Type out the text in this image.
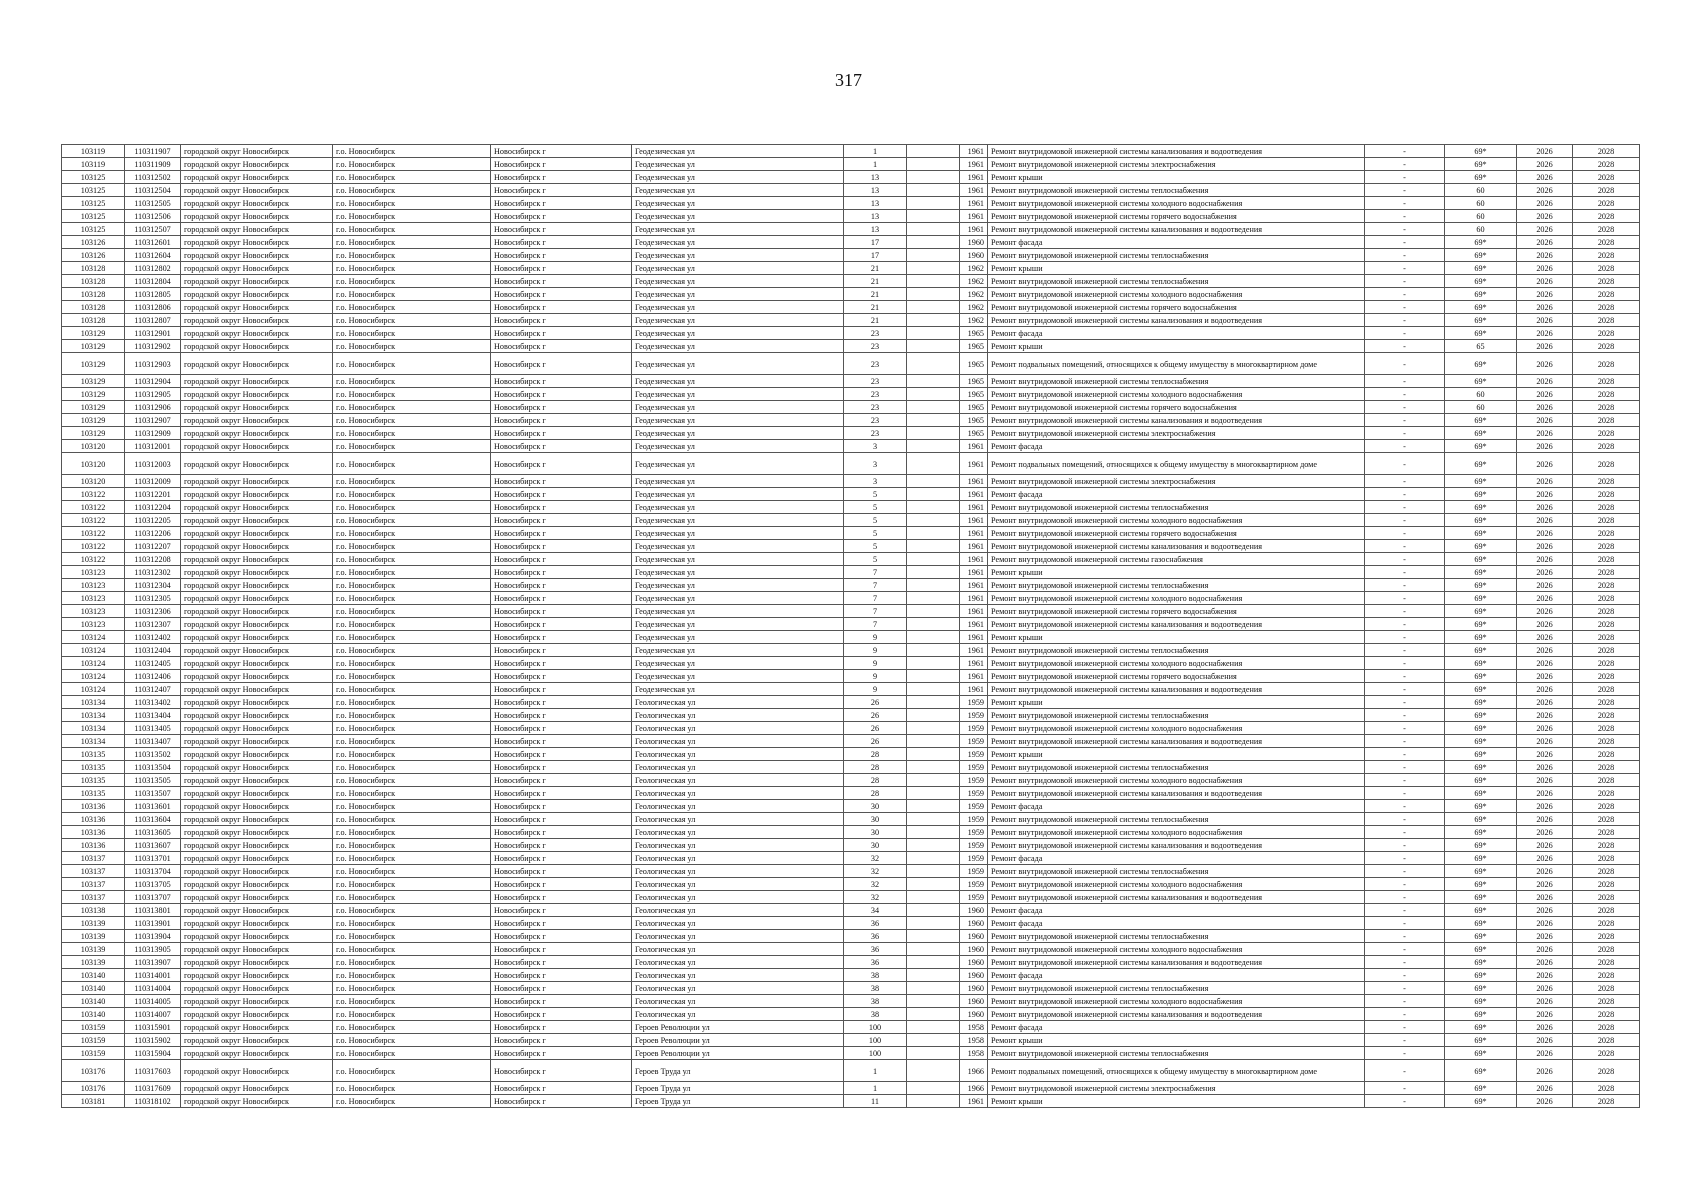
317
103119	110311907	городской округ Новосибирск	г.о. Новосибирск	Новосибирск г	Геодезическая ул	1		1961	Ремонт внутридомовой инженерной системы канализования и водоотведения	-	69*	2026	2028
103119	110311909	городской округ Новосибирск	г.о. Новосибирск	Новосибирск г	Геодезическая ул	1		1961	Ремонт внутридомовой инженерной системы электроснабжения	-	69*	2026	2028
103125	110312502	городской округ Новосибирск	г.о. Новосибирск	Новосибирск г	Геодезическая ул	13		1961	Ремонт крыши	-	69*	2026	2028
103125	110312504	городской округ Новосибирск	г.о. Новосибирск	Новосибирск г	Геодезическая ул	13		1961	Ремонт внутридомовой инженерной системы теплоснабжения	-	60	2026	2028
103125	110312505	городской округ Новосибирск	г.о. Новосибирск	Новосибирск г	Геодезическая ул	13		1961	Ремонт внутридомовой инженерной системы холодного водоснабжения	-	60	2026	2028
103125	110312506	городской округ Новосибирск	г.о. Новосибирск	Новосибирск г	Геодезическая ул	13		1961	Ремонт внутридомовой инженерной системы горячего водоснабжения	-	60	2026	2028
103125	110312507	городской округ Новосибирск	г.о. Новосибирск	Новосибирск г	Геодезическая ул	13		1961	Ремонт внутридомовой инженерной системы канализования и водоотведения	-	60	2026	2028
103126	110312601	городской округ Новосибирск	г.о. Новосибирск	Новосибирск г	Геодезическая ул	17		1960	Ремонт фасада	-	69*	2026	2028
103126	110312604	городской округ Новосибирск	г.о. Новосибирск	Новосибирск г	Геодезическая ул	17		1960	Ремонт внутридомовой инженерной системы теплоснабжения	-	69*	2026	2028
103128	110312802	городской округ Новосибирск	г.о. Новосибирск	Новосибирск г	Геодезическая ул	21		1962	Ремонт крыши	-	69*	2026	2028
103128	110312804	городской округ Новосибирск	г.о. Новосибирск	Новосибирск г	Геодезическая ул	21		1962	Ремонт внутридомовой инженерной системы теплоснабжения	-	69*	2026	2028
103128	110312805	городской округ Новосибирск	г.о. Новосибирск	Новосибирск г	Геодезическая ул	21		1962	Ремонт внутридомовой инженерной системы холодного водоснабжения	-	69*	2026	2028
103128	110312806	городской округ Новосибирск	г.о. Новосибирск	Новосибирск г	Геодезическая ул	21		1962	Ремонт внутридомовой инженерной системы горячего водоснабжения	-	69*	2026	2028
103128	110312807	городской округ Новосибирск	г.о. Новосибирск	Новосибирск г	Геодезическая ул	21		1962	Ремонт внутридомовой инженерной системы канализования и водоотведения	-	69*	2026	2028
103129	110312901	городской округ Новосибирск	г.о. Новосибирск	Новосибирск г	Геодезическая ул	23		1965	Ремонт фасада	-	69*	2026	2028
103129	110312902	городской округ Новосибирск	г.о. Новосибирск	Новосибирск г	Геодезическая ул	23		1965	Ремонт крыши	-	65	2026	2028
103129	110312903	городской округ Новосибирск	г.о. Новосибирск	Новосибирск г	Геодезическая ул	23		1965	Ремонт подвальных помещений, относящихся к общему имуществу в многоквартирном доме	-	69*	2026	2028
103129	110312904	городской округ Новосибирск	г.о. Новосибирск	Новосибирск г	Геодезическая ул	23		1965	Ремонт внутридомовой инженерной системы теплоснабжения	-	69*	2026	2028
103129	110312905	городской округ Новосибирск	г.о. Новосибирск	Новосибирск г	Геодезическая ул	23		1965	Ремонт внутридомовой инженерной системы холодного водоснабжения	-	60	2026	2028
103129	110312906	городской округ Новосибирск	г.о. Новосибирск	Новосибирск г	Геодезическая ул	23		1965	Ремонт внутридомовой инженерной системы горячего водоснабжения	-	60	2026	2028
103129	110312907	городской округ Новосибирск	г.о. Новосибирск	Новосибирск г	Геодезическая ул	23		1965	Ремонт внутридомовой инженерной системы канализования и водоотведения	-	69*	2026	2028
103129	110312909	городской округ Новосибирск	г.о. Новосибирск	Новосибирск г	Геодезическая ул	23		1965	Ремонт внутридомовой инженерной системы электроснабжения	-	69*	2026	2028
103120	110312001	городской округ Новосибирск	г.о. Новосибирск	Новосибирск г	Геодезическая ул	3		1961	Ремонт фасада	-	69*	2026	2028
103120	110312003	городской округ Новосибирск	г.о. Новосибирск	Новосибирск г	Геодезическая ул	3		1961	Ремонт подвальных помещений, относящихся к общему имуществу в многоквартирном доме	-	69*	2026	2028
103120	110312009	городской округ Новосибирск	г.о. Новосибирск	Новосибирск г	Геодезическая ул	3		1961	Ремонт внутридомовой инженерной системы электроснабжения	-	69*	2026	2028
103122	110312201	городской округ Новосибирск	г.о. Новосибирск	Новосибирск г	Геодезическая ул	5		1961	Ремонт фасада	-	69*	2026	2028
103122	110312204	городской округ Новосибирск	г.о. Новосибирск	Новосибирск г	Геодезическая ул	5		1961	Ремонт внутридомовой инженерной системы теплоснабжения	-	69*	2026	2028
103122	110312205	городской округ Новосибирск	г.о. Новосибирск	Новосибирск г	Геодезическая ул	5		1961	Ремонт внутридомовой инженерной системы холодного водоснабжения	-	69*	2026	2028
103122	110312206	городской округ Новосибирск	г.о. Новосибирск	Новосибирск г	Геодезическая ул	5		1961	Ремонт внутридомовой инженерной системы горячего водоснабжения	-	69*	2026	2028
103122	110312207	городской округ Новосибирск	г.о. Новосибирск	Новосибирск г	Геодезическая ул	5		1961	Ремонт внутридомовой инженерной системы канализования и водоотведения	-	69*	2026	2028
103122	110312208	городской округ Новосибирск	г.о. Новосибирск	Новосибирск г	Геодезическая ул	5		1961	Ремонт внутридомовой инженерной системы газоснабжения	-	69*	2026	2028
103123	110312302	городской округ Новосибирск	г.о. Новосибирск	Новосибирск г	Геодезическая ул	7		1961	Ремонт крыши	-	69*	2026	2028
103123	110312304	городской округ Новосибирск	г.о. Новосибирск	Новосибирск г	Геодезическая ул	7		1961	Ремонт внутридомовой инженерной системы теплоснабжения	-	69*	2026	2028
103123	110312305	городской округ Новосибирск	г.о. Новосибирск	Новосибирск г	Геодезическая ул	7		1961	Ремонт внутридомовой инженерной системы холодного водоснабжения	-	69*	2026	2028
103123	110312306	городской округ Новосибирск	г.о. Новосибирск	Новосибирск г	Геодезическая ул	7		1961	Ремонт внутридомовой инженерной системы горячего водоснабжения	-	69*	2026	2028
103123	110312307	городской округ Новосибирск	г.о. Новосибирск	Новосибирск г	Геодезическая ул	7		1961	Ремонт внутридомовой инженерной системы канализования и водоотведения	-	69*	2026	2028
103124	110312402	городской округ Новосибирск	г.о. Новосибирск	Новосибирск г	Геодезическая ул	9		1961	Ремонт крыши	-	69*	2026	2028
103124	110312404	городской округ Новосибирск	г.о. Новосибирск	Новосибирск г	Геодезическая ул	9		1961	Ремонт внутридомовой инженерной системы теплоснабжения	-	69*	2026	2028
103124	110312405	городской округ Новосибирск	г.о. Новосибирск	Новосибирск г	Геодезическая ул	9		1961	Ремонт внутридомовой инженерной системы холодного водоснабжения	-	69*	2026	2028
103124	110312406	городской округ Новосибирск	г.о. Новосибирск	Новосибирск г	Геодезическая ул	9		1961	Ремонт внутридомовой инженерной системы горячего водоснабжения	-	69*	2026	2028
103124	110312407	городской округ Новосибирск	г.о. Новосибирск	Новосибирск г	Геодезическая ул	9		1961	Ремонт внутридомовой инженерной системы канализования и водоотведения	-	69*	2026	2028
103134	110313402	городской округ Новосибирск	г.о. Новосибирск	Новосибирск г	Геологическая ул	26		1959	Ремонт крыши	-	69*	2026	2028
103134	110313404	городской округ Новосибирск	г.о. Новосибирск	Новосибирск г	Геологическая ул	26		1959	Ремонт внутридомовой инженерной системы теплоснабжения	-	69*	2026	2028
103134	110313405	городской округ Новосибирск	г.о. Новосибирск	Новосибирск г	Геологическая ул	26		1959	Ремонт внутридомовой инженерной системы холодного водоснабжения	-	69*	2026	2028
103134	110313407	городской округ Новосибирск	г.о. Новосибирск	Новосибирск г	Геологическая ул	26		1959	Ремонт внутридомовой инженерной системы канализования и водоотведения	-	69*	2026	2028
103135	110313502	городской округ Новосибирск	г.о. Новосибирск	Новосибирск г	Геологическая ул	28		1959	Ремонт крыши	-	69*	2026	2028
103135	110313504	городской округ Новосибирск	г.о. Новосибирск	Новосибирск г	Геологическая ул	28		1959	Ремонт внутридомовой инженерной системы теплоснабжения	-	69*	2026	2028
103135	110313505	городской округ Новосибирск	г.о. Новосибирск	Новосибирск г	Геологическая ул	28		1959	Ремонт внутридомовой инженерной системы холодного водоснабжения	-	69*	2026	2028
103135	110313507	городской округ Новосибирск	г.о. Новосибирск	Новосибирск г	Геологическая ул	28		1959	Ремонт внутридомовой инженерной системы канализования и водоотведения	-	69*	2026	2028
103136	110313601	городской округ Новосибирск	г.о. Новосибирск	Новосибирск г	Геологическая ул	30		1959	Ремонт фасада	-	69*	2026	2028
103136	110313604	городской округ Новосибирск	г.о. Новосибирск	Новосибирск г	Геологическая ул	30		1959	Ремонт внутридомовой инженерной системы теплоснабжения	-	69*	2026	2028
103136	110313605	городской округ Новосибирск	г.о. Новосибирск	Новосибирск г	Геологическая ул	30		1959	Ремонт внутридомовой инженерной системы холодного водоснабжения	-	69*	2026	2028
103136	110313607	городской округ Новосибирск	г.о. Новосибирск	Новосибирск г	Геологическая ул	30		1959	Ремонт внутридомовой инженерной системы канализования и водоотведения	-	69*	2026	2028
103137	110313701	городской округ Новосибирск	г.о. Новосибирск	Новосибирск г	Геологическая ул	32		1959	Ремонт фасада	-	69*	2026	2028
103137	110313704	городской округ Новосибирск	г.о. Новосибирск	Новосибирск г	Геологическая ул	32		1959	Ремонт внутридомовой инженерной системы теплоснабжения	-	69*	2026	2028
103137	110313705	городской округ Новосибирск	г.о. Новосибирск	Новосибирск г	Геологическая ул	32		1959	Ремонт внутридомовой инженерной системы холодного водоснабжения	-	69*	2026	2028
103137	110313707	городской округ Новосибирск	г.о. Новосибирск	Новосибирск г	Геологическая ул	32		1959	Ремонт внутридомовой инженерной системы канализования и водоотведения	-	69*	2026	2028
103138	110313801	городской округ Новосибирск	г.о. Новосибирск	Новосибирск г	Геологическая ул	34		1960	Ремонт фасада	-	69*	2026	2028
103139	110313901	городской округ Новосибирск	г.о. Новосибирск	Новосибирск г	Геологическая ул	36		1960	Ремонт фасада	-	69*	2026	2028
103139	110313904	городской округ Новосибирск	г.о. Новосибирск	Новосибирск г	Геологическая ул	36		1960	Ремонт внутридомовой инженерной системы теплоснабжения	-	69*	2026	2028
103139	110313905	городской округ Новосибирск	г.о. Новосибирск	Новосибирск г	Геологическая ул	36		1960	Ремонт внутридомовой инженерной системы холодного водоснабжения	-	69*	2026	2028
103139	110313907	городской округ Новосибирск	г.о. Новосибирск	Новосибирск г	Геологическая ул	36		1960	Ремонт внутридомовой инженерной системы канализования и водоотведения	-	69*	2026	2028
103140	110314001	городской округ Новосибирск	г.о. Новосибирск	Новосибирск г	Геологическая ул	38		1960	Ремонт фасада	-	69*	2026	2028
103140	110314004	городской округ Новосибирск	г.о. Новосибирск	Новосибирск г	Геологическая ул	38		1960	Ремонт внутридомовой инженерной системы теплоснабжения	-	69*	2026	2028
103140	110314005	городской округ Новосибирск	г.о. Новосибирск	Новосибирск г	Геологическая ул	38		1960	Ремонт внутридомовой инженерной системы холодного водоснабжения	-	69*	2026	2028
103140	110314007	городской округ Новосибирск	г.о. Новосибирск	Новосибирск г	Геологическая ул	38		1960	Ремонт внутридомовой инженерной системы канализования и водоотведения	-	69*	2026	2028
103159	110315901	городской округ Новосибирск	г.о. Новосибирск	Новосибирск г	Героев Революции ул	100		1958	Ремонт фасада	-	69*	2026	2028
103159	110315902	городской округ Новосибирск	г.о. Новосибирск	Новосибирск г	Героев Революции ул	100		1958	Ремонт крыши	-	69*	2026	2028
103159	110315904	городской округ Новосибирск	г.о. Новосибирск	Новосибирск г	Героев Революции ул	100		1958	Ремонт внутридомовой инженерной системы теплоснабжения	-	69*	2026	2028
103176	110317603	городской округ Новосибирск	г.о. Новосибирск	Новосибирск г	Героев Труда ул	1		1966	Ремонт подвальных помещений, относящихся к общему имуществу в многоквартирном доме	-	69*	2026	2028
103176	110317609	городской округ Новосибирск	г.о. Новосибирск	Новосибирск г	Героев Труда ул	1		1966	Ремонт внутридомовой инженерной системы электроснабжения	-	69*	2026	2028
103181	110318102	городской округ Новосибирск	г.о. Новосибирск	Новосибирск г	Героев Труда ул	11		1961	Ремонт крыши	-	69*	2026	2028
